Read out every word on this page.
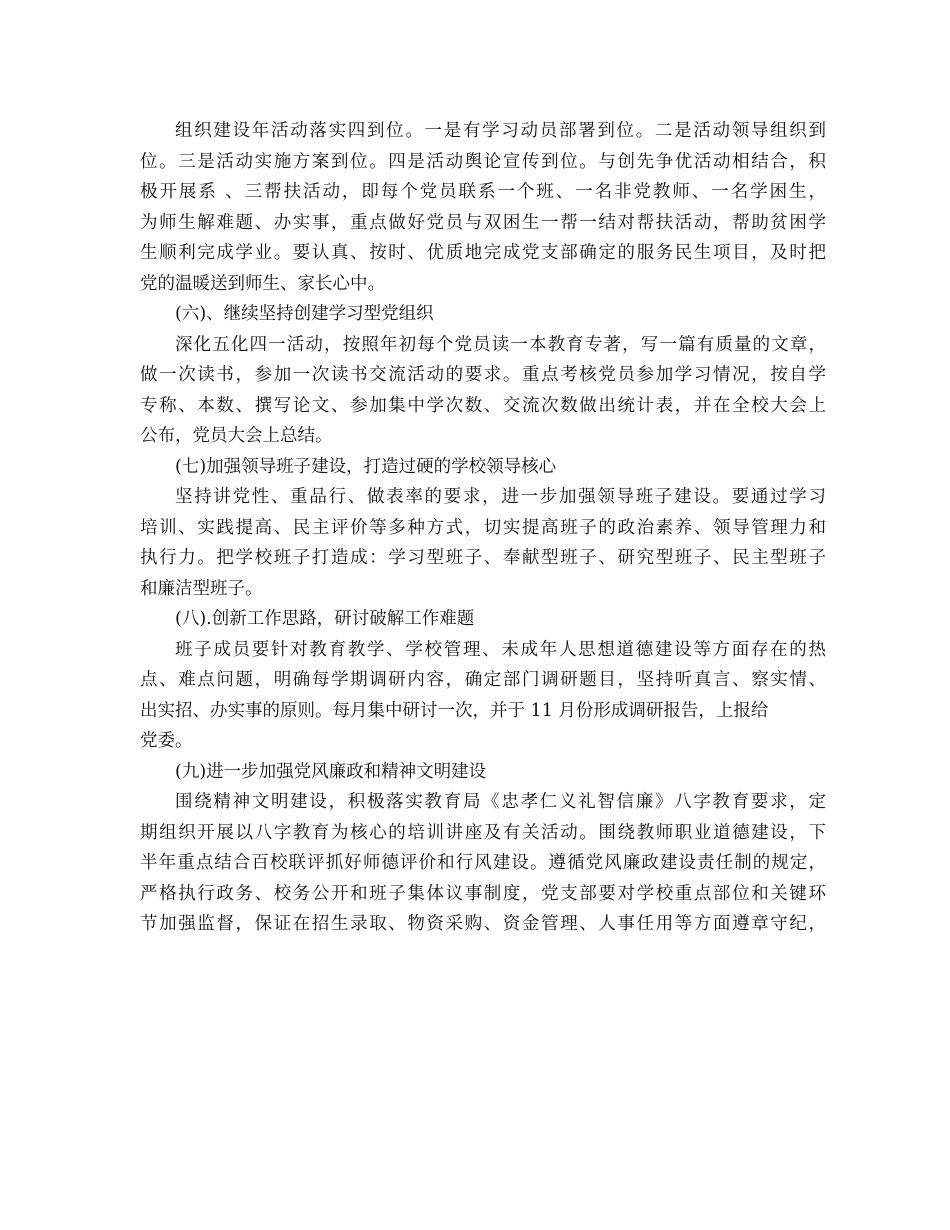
组织建设年活动落实四到位。一是有学习动员部署到位。二是活动领导组织到
位。三是活动实施方案到位。四是活动舆论宣传到位。与创先争优活动相结合，积
极开展系 、三帮扶活动，即每个党员联系一个班、一名非党教师、一名学困生，
为师生解难题、办实事，重点做好党员与双困生一帮一结对帮扶活动，帮助贫困学
生顺利完成学业。要认真、按时、优质地完成党支部确定的服务民生项目，及时把
党的温暖送到师生、家长心中。
(六)、继续坚持创建学习型党组织
深化五化四一活动，按照年初每个党员读一本教育专著，写一篇有质量的文章，
做一次读书，参加一次读书交流活动的要求。重点考核党员参加学习情况，按自学
专称、本数、撰写论文、参加集中学次数、交流次数做出统计表，并在全校大会上
公布，党员大会上总结。
(七)加强领导班子建设，打造过硬的学校领导核心
坚持讲党性、重品行、做表率的要求，进一步加强领导班子建设。要通过学习
培训、实践提高、民主评价等多种方式，切实提高班子的政治素养、领导管理力和
执行力。把学校班子打造成：学习型班子、奉献型班子、研究型班子、民主型班子
和廉洁型班子。
(八).创新工作思路，研讨破解工作难题
班子成员要针对教育教学、学校管理、未成年人思想道德建设等方面存在的热
点、难点问题，明确每学期调研内容，确定部门调研题目，坚持听真言、察实情、
出实招、办实事的原则。每月集中研讨一次，并于 11 月份形成调研报告，上报给
党委。
(九)进一步加强党风廉政和精神文明建设
围绕精神文明建设，积极落实教育局《忠孝仁义礼智信廉》八字教育要求，定
期组织开展以八字教育为核心的培训讲座及有关活动。围绕教师职业道德建设，下
半年重点结合百校联评抓好师德评价和行风建设。遵循党风廉政建设责任制的规定，
严格执行政务、校务公开和班子集体议事制度，党支部要对学校重点部位和关键环
节加强监督，保证在招生录取、物资采购、资金管理、人事任用等方面遵章守纪，
